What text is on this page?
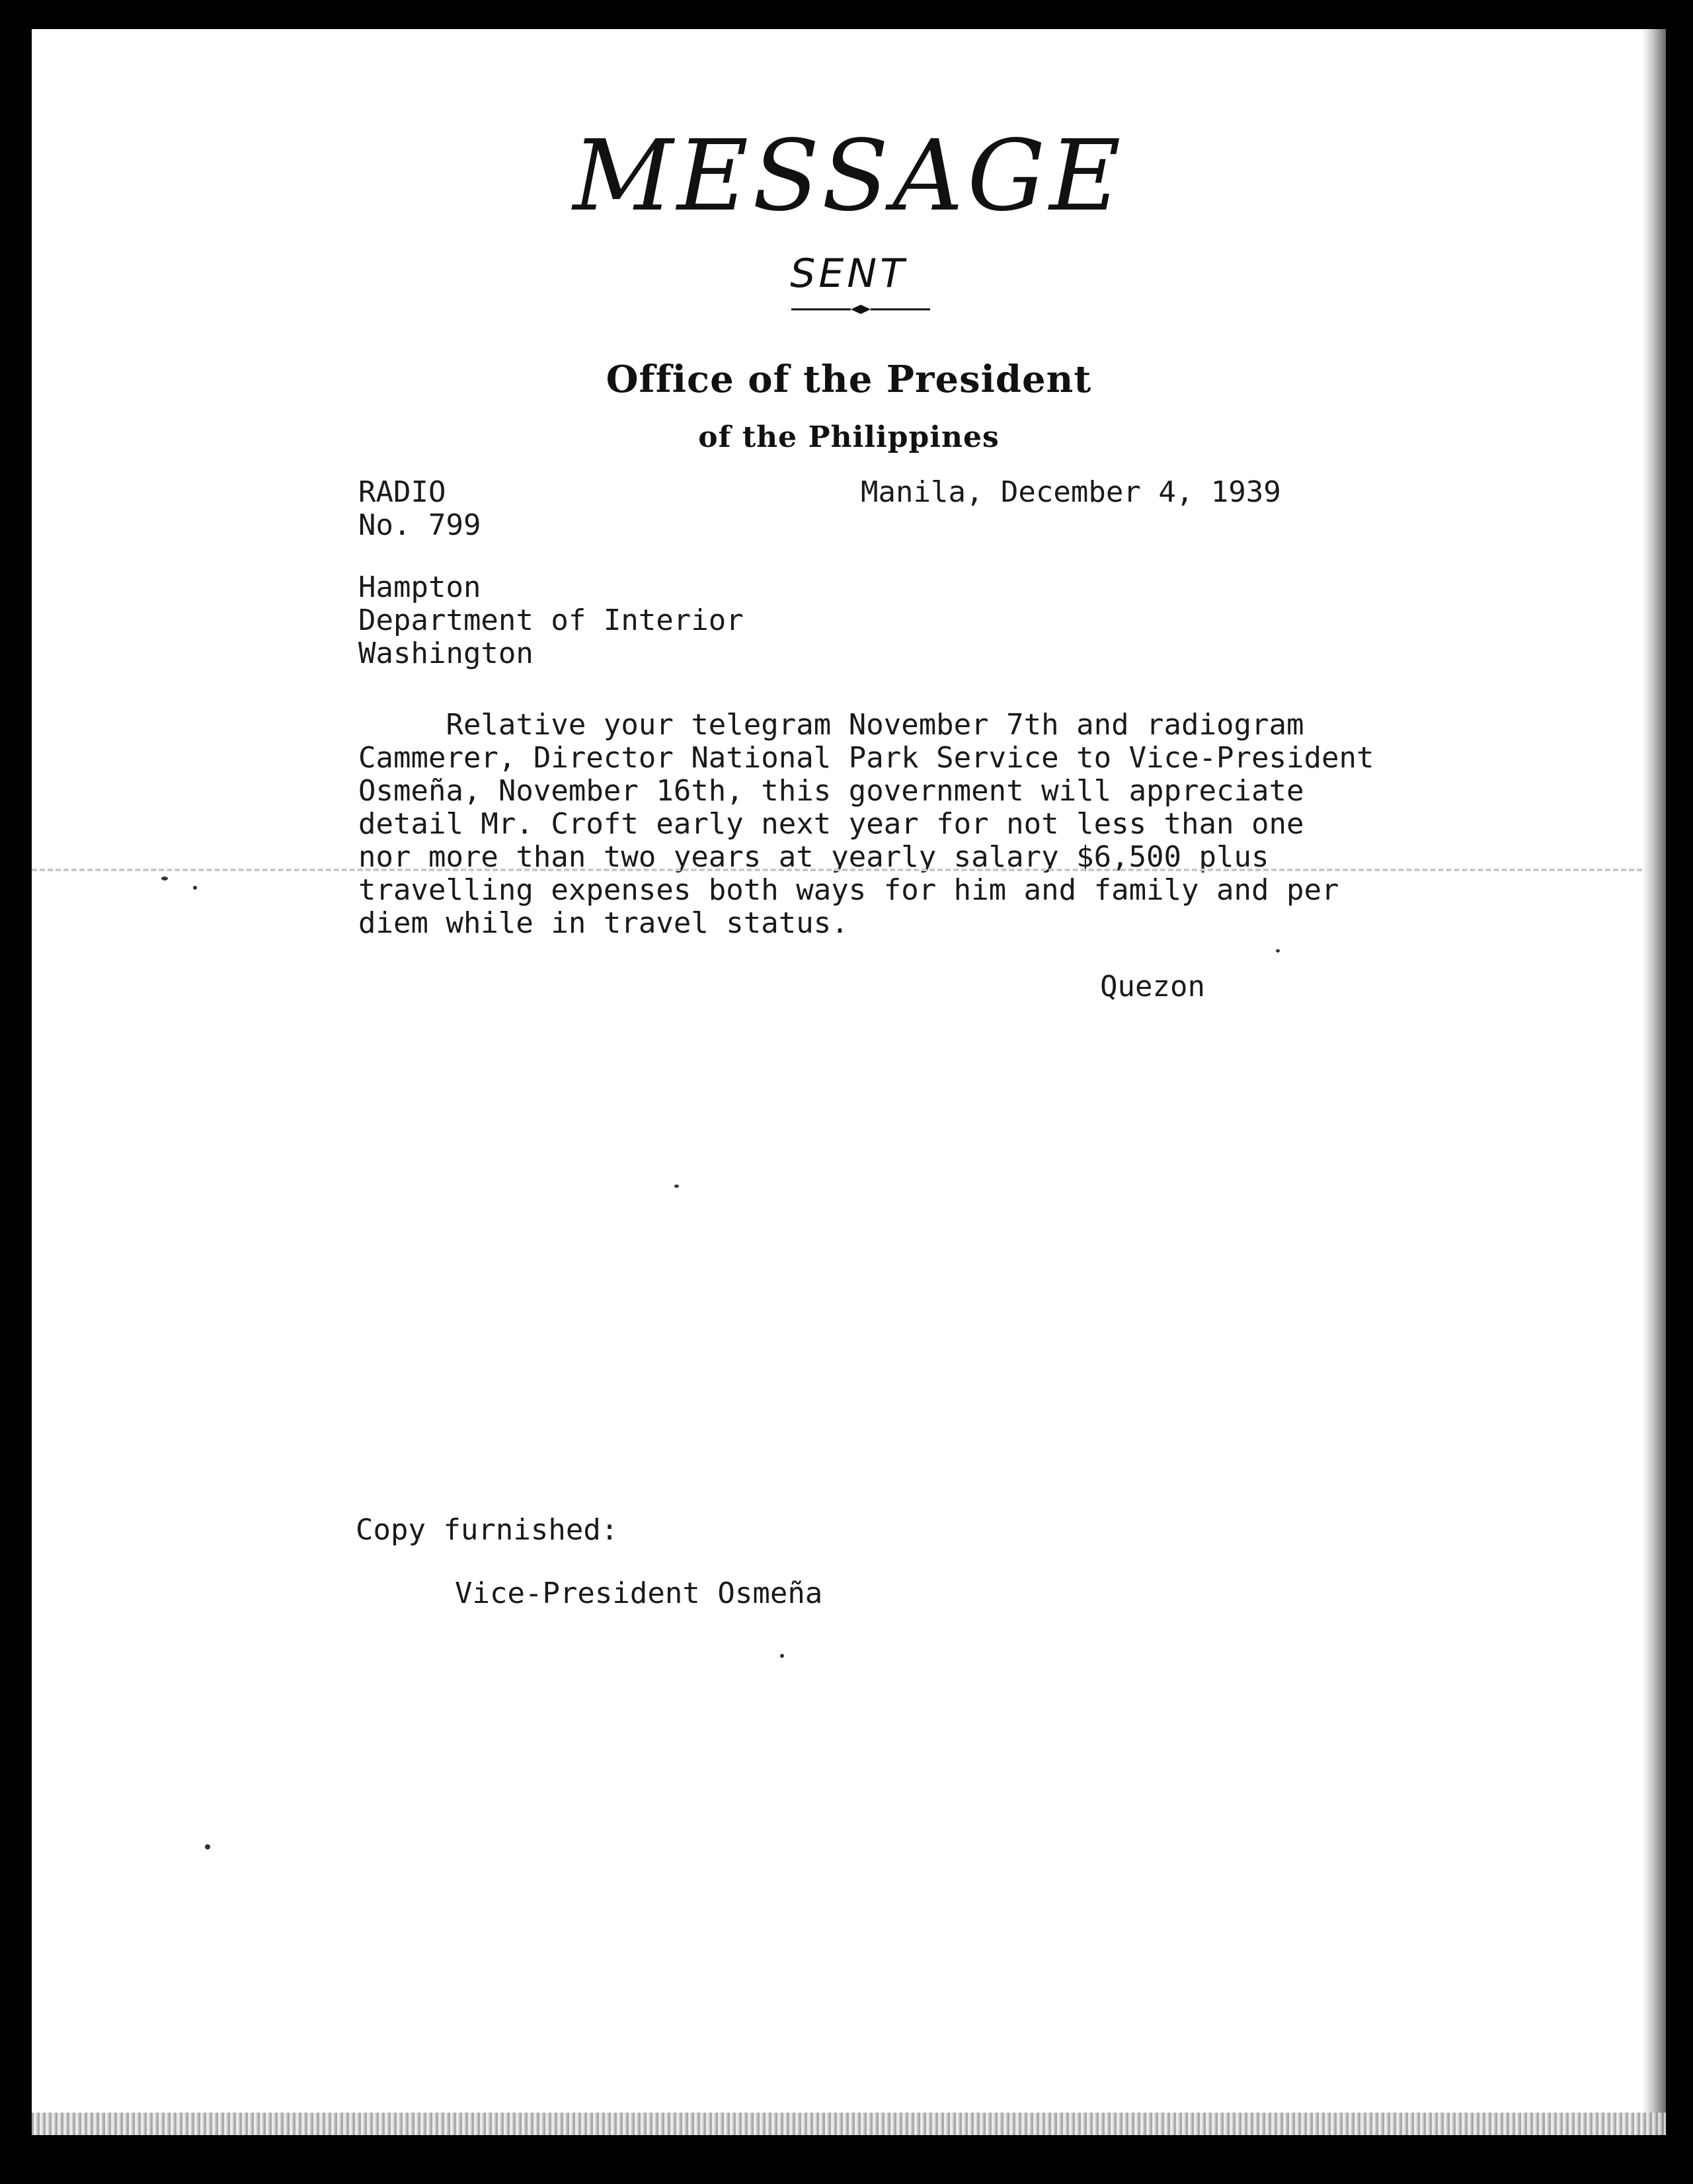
MESSAGE
SENT
Office of the President
of the Philippines
RADIO
No. 799
Manila, December 4, 1939
Hampton
Department of Interior
Washington
Relative your telegram November 7th and radiogram
Cammerer, Director National Park Service to Vice-President
Osmeña, November 16th, this government will appreciate
detail Mr. Croft early next year for not less than one
nor more than two years at yearly salary $6,500 plus
travelling expenses both ways for him and family and per
diem while in travel status.
Quezon
Copy furnished:
Vice-President Osmeña
